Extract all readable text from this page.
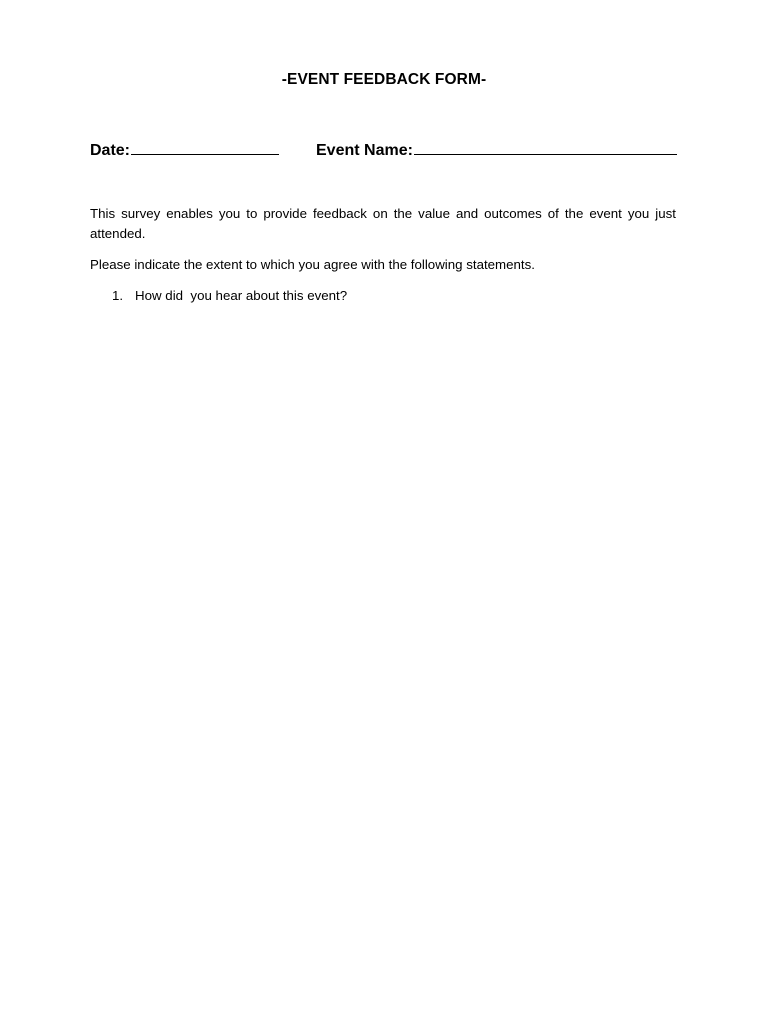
-EVENT FEEDBACK FORM-
Date:	Event Name:
This survey enables you to provide feedback on the value and outcomes of the event you just attended.
Please indicate the extent to which you agree with the following statements.
1. How did  you hear about this event?
